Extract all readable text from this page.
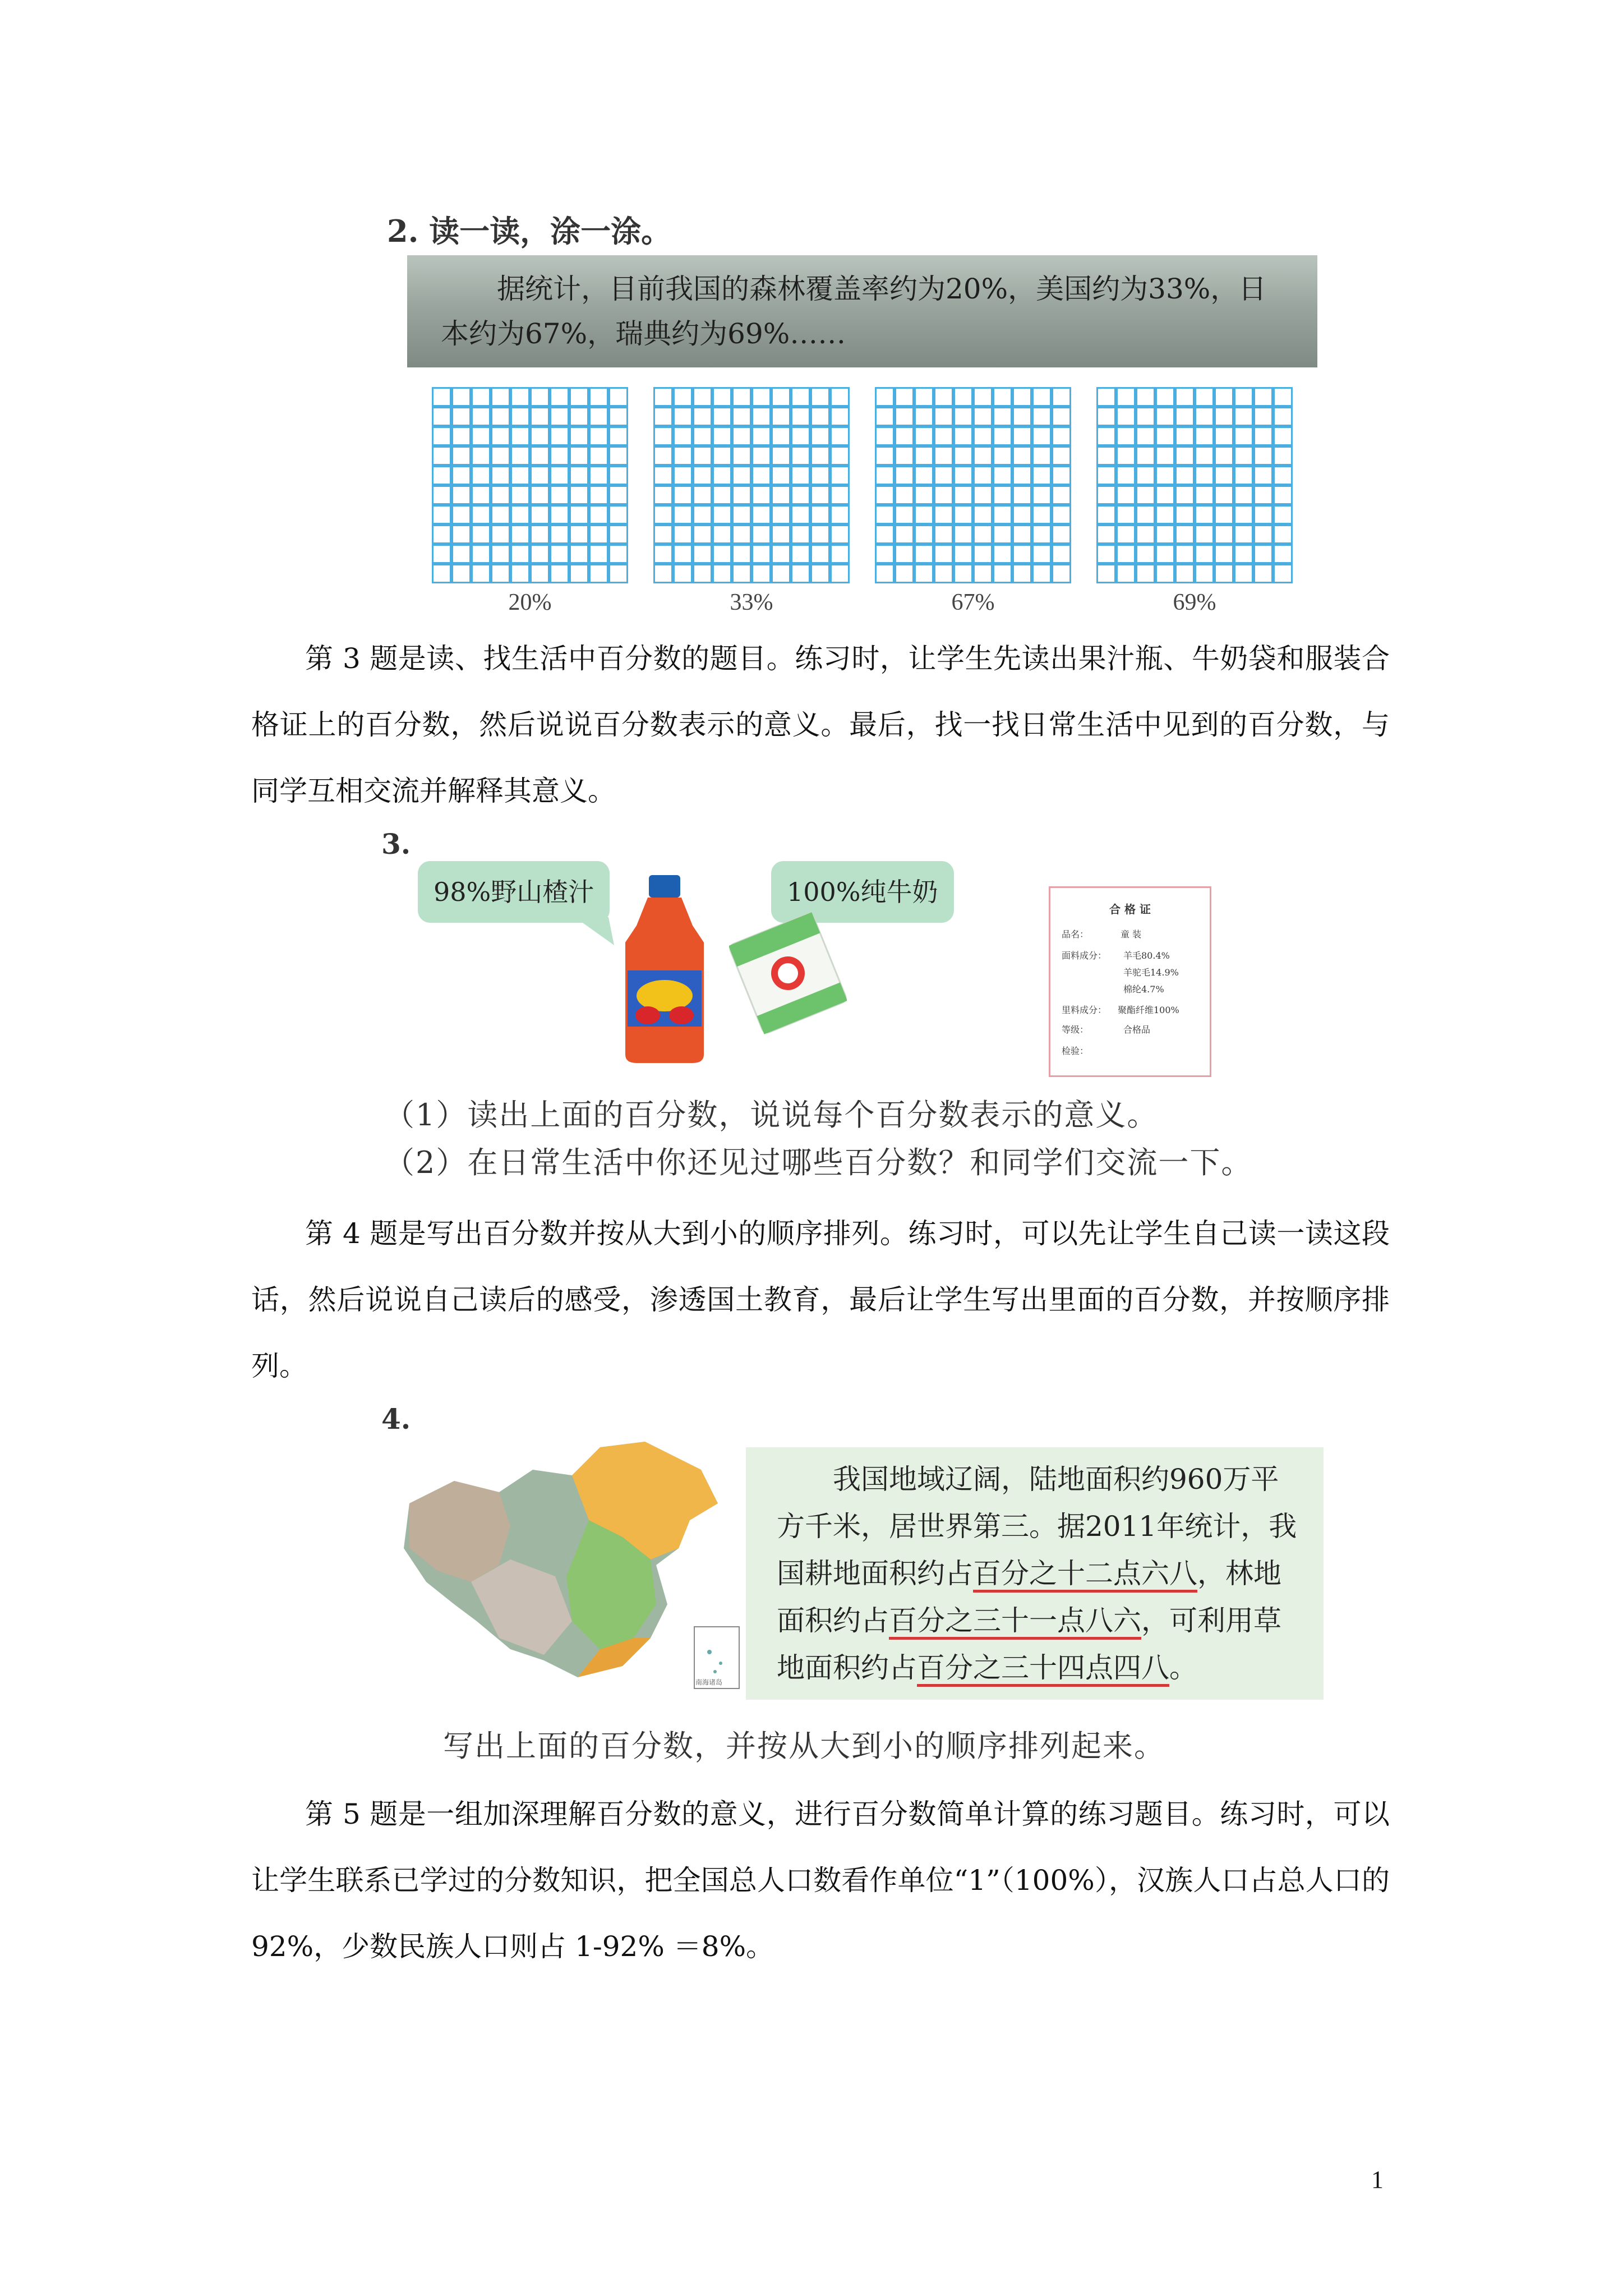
2. 读一读，涂一涂。
据统计，目前我国的森林覆盖率约为20%，美国约为33%，日本约为67%，瑞典约为69%……
20%	33%	67%	69%

第 3 题是读、找生活中百分数的题目。练习时，让学生先读出果汁瓶、牛奶袋和服装合格证上的百分数，然后说说百分数表示的意义。最后，找一找日常生活中见到的百分数，与同学互相交流并解释其意义。

3.
98%野山楂汁	100%纯牛奶
合 格 证
品名：	童 装
面料成分： 羊毛80.4%
羊驼毛14.9%
棉纶4.7%
里料成分： 聚酯纤维100%
等级：	合格品
检验：
（1）读出上面的百分数，说说每个百分数表示的意义。
（2）在日常生活中你还见过哪些百分数？和同学们交流一下。

第 4 题是写出百分数并按从大到小的顺序排列。练习时，可以先让学生自己读一读这段话，然后说说自己读后的感受，渗透国土教育，最后让学生写出里面的百分数，并按顺序排列。

4.
南海诸岛
我国地域辽阔，陆地面积约960万平方千米，居世界第三。据2011年统计，我国耕地面积约占百分之十二点六八，林地面积约占百分之三十一点八六，可利用草地面积约占百分之三十四点四八。
写出上面的百分数，并按从大到小的顺序排列起来。

第 5 题是一组加深理解百分数的意义，进行百分数简单计算的练习题目。练习时，可以让学生联系已学过的分数知识，把全国总人口数看作单位“1”（100%），汉族人口占总人口的 92%，少数民族人口则占 1-92% ＝8%。

1
